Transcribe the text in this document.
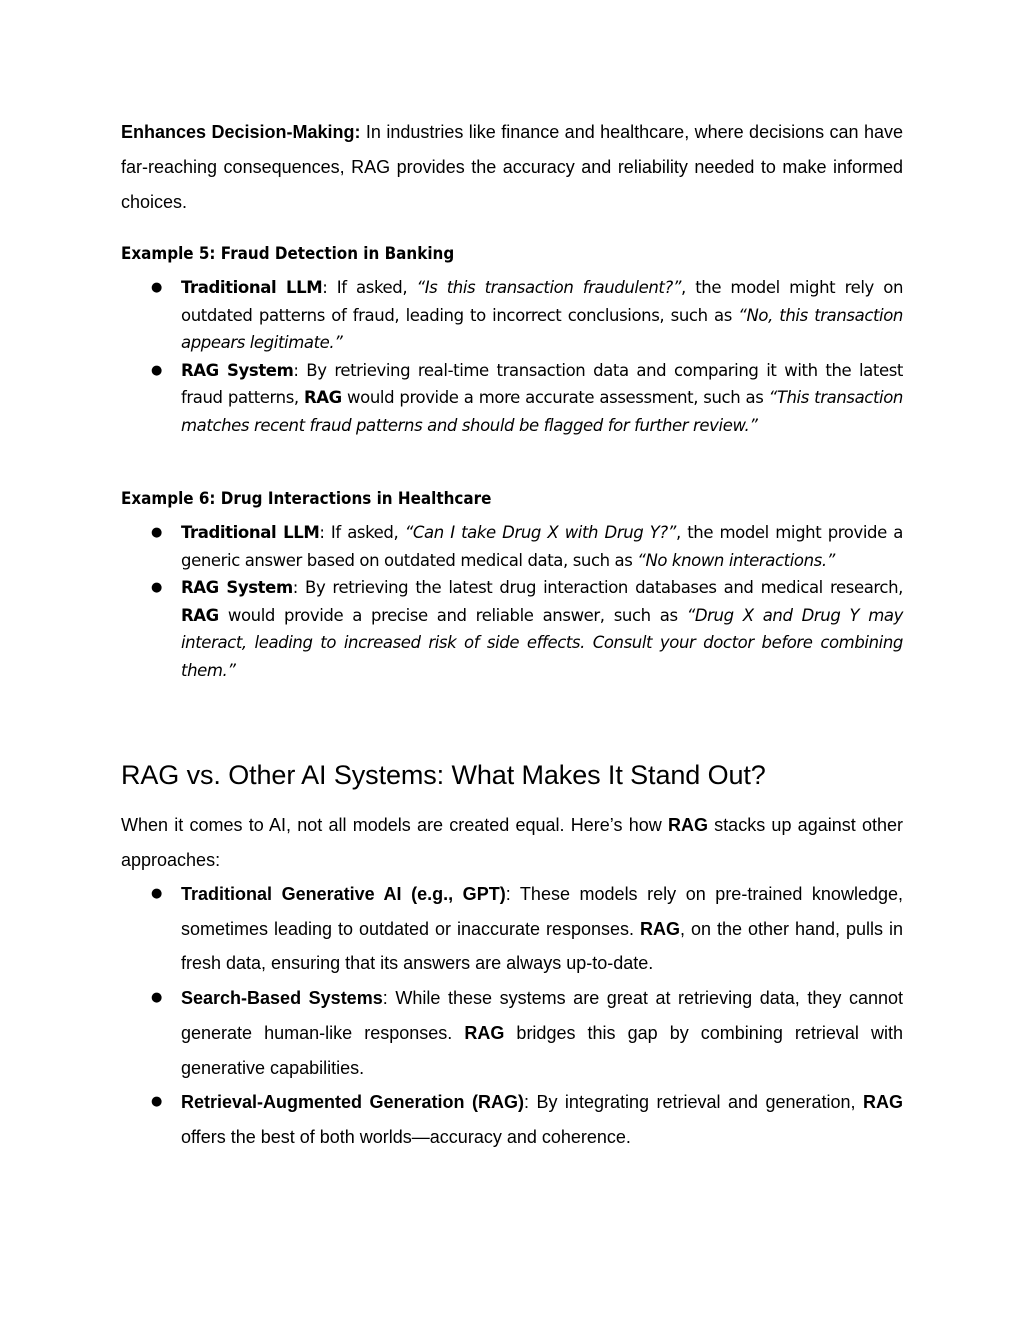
Enhances Decision-Making: In industries like finance and healthcare, where decisions can have far-reaching consequences, RAG provides the accuracy and reliability needed to make informed choices.

Example 5: Fraud Detection in Banking

● Traditional LLM: If asked, “Is this transaction fraudulent?”, the model might rely on outdated patterns of fraud, leading to incorrect conclusions, such as “No, this transaction appears legitimate.”
● RAG System: By retrieving real-time transaction data and comparing it with the latest fraud patterns, RAG would provide a more accurate assessment, such as “This transaction matches recent fraud patterns and should be flagged for further review.”

Example 6: Drug Interactions in Healthcare

● Traditional LLM: If asked, “Can I take Drug X with Drug Y?”, the model might provide a generic answer based on outdated medical data, such as “No known interactions.”
● RAG System: By retrieving the latest drug interaction databases and medical research, RAG would provide a precise and reliable answer, such as “Drug X and Drug Y may interact, leading to increased risk of side effects. Consult your doctor before combining them.”
RAG vs. Other AI Systems: What Makes It Stand Out?

When it comes to AI, not all models are created equal. Here’s how RAG stacks up against other approaches:

● Traditional Generative AI (e.g., GPT): These models rely on pre-trained knowledge, sometimes leading to outdated or inaccurate responses. RAG, on the other hand, pulls in fresh data, ensuring that its answers are always up-to-date.
● Search-Based Systems: While these systems are great at retrieving data, they cannot generate human-like responses. RAG bridges this gap by combining retrieval with generative capabilities.
● Retrieval-Augmented Generation (RAG): By integrating retrieval and generation, RAG offers the best of both worlds—accuracy and coherence.
